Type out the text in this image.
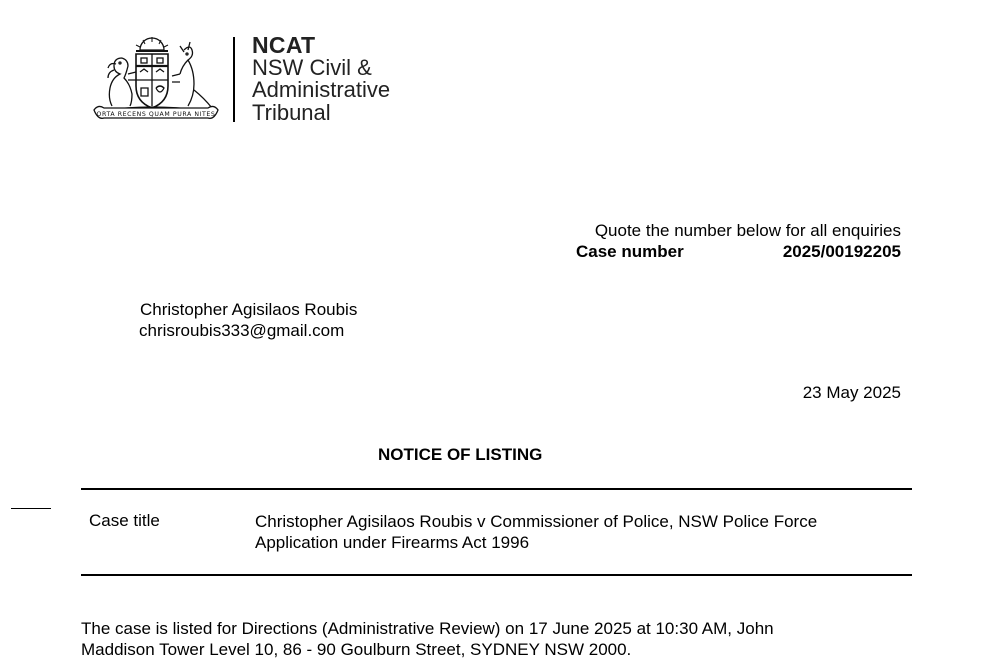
ORTA RECENS QUAM PURA NITES
NCAT
NSW Civil &
Administrative
Tribunal
Quote the number below for all enquiries
Case number	2025/00192205
Christopher Agisilaos Roubis
chrisroubis333@gmail.com
23 May 2025
NOTICE OF LISTING
Case title	Christopher Agisilaos Roubis v Commissioner of Police, NSW Police Force
Application under Firearms Act 1996
The case is listed for Directions (Administrative Review) on 17 June 2025 at 10:30 AM, John
Maddison Tower Level 10, 86 - 90 Goulburn Street, SYDNEY NSW 2000.
